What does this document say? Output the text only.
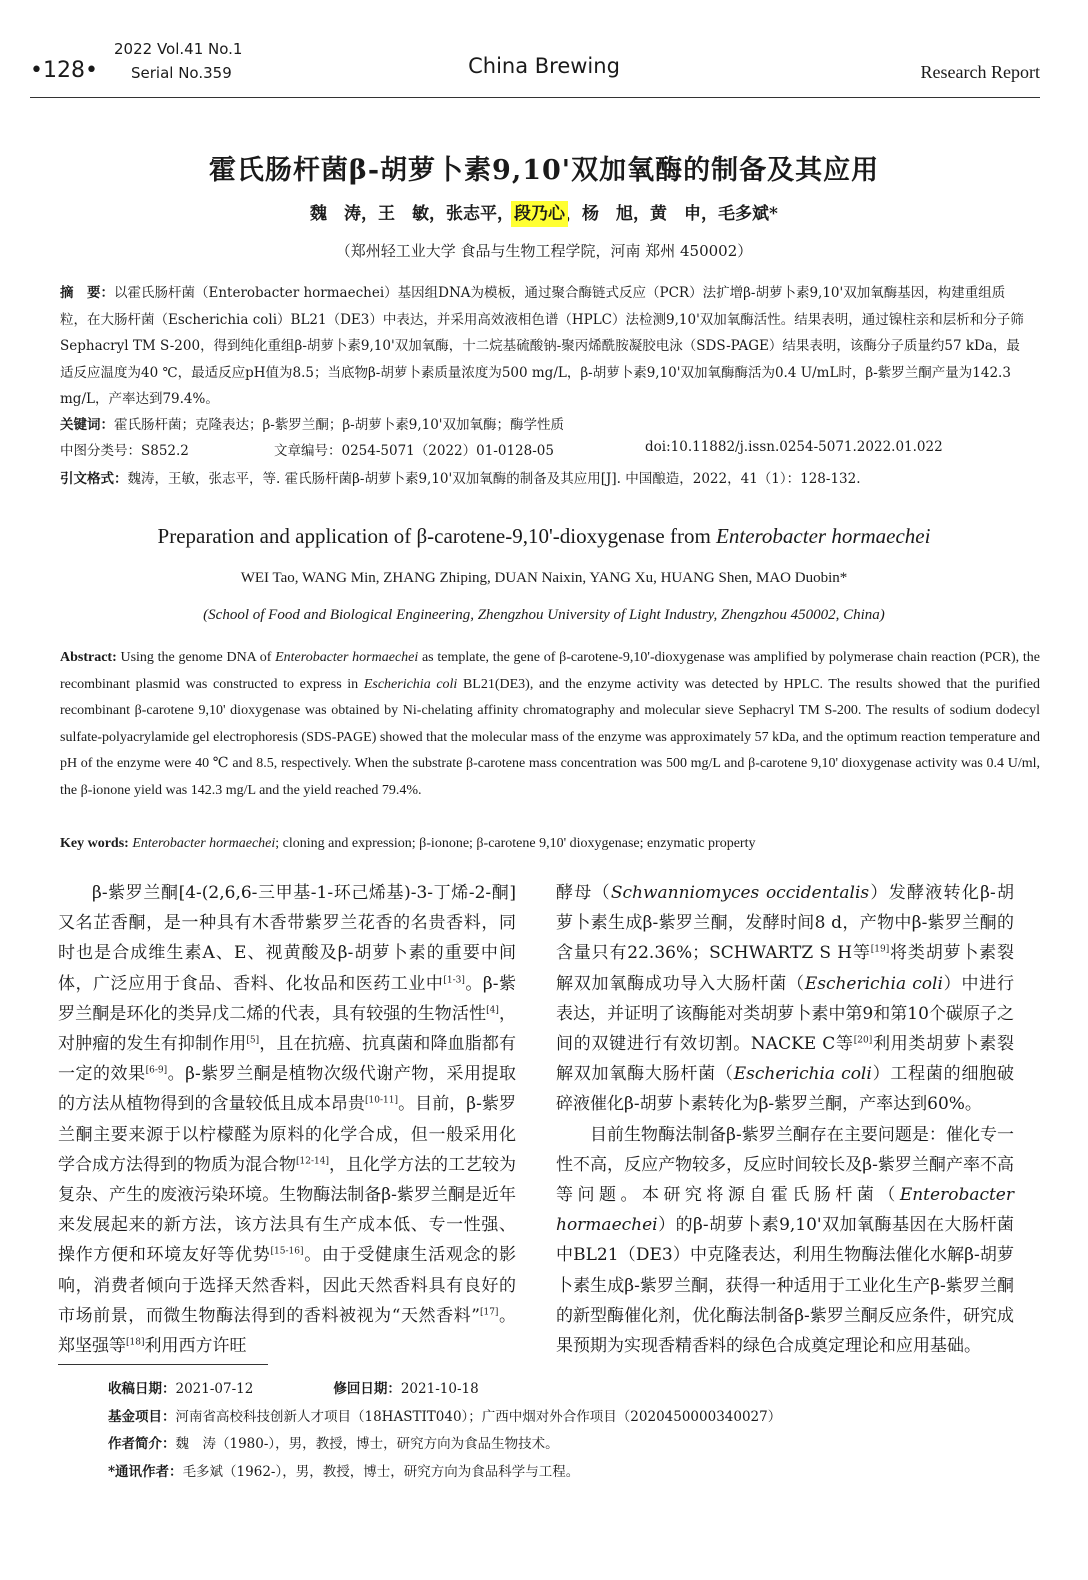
•128•
2022 Vol.41 No.1
Serial No.359	China Brewing	Research Report
霍氏肠杆菌β-胡萝卜素9,10'双加氧酶的制备及其应用
魏　涛，王　敏，张志平，段乃心，杨　旭，黄　申，毛多斌*
（郑州轻工业大学 食品与生物工程学院，河南 郑州 450002）
摘　要：以霍氏肠杆菌（Enterobacter hormaechei）基因组DNA为模板，通过聚合酶链式反应（PCR）法扩增β-胡萝卜素9,10'双加氧酶基因，构建重组质粒，在大肠杆菌（Escherichia coli）BL21（DE3）中表达，并采用高效液相色谱（HPLC）法检测9,10'双加氧酶活性。结果表明，通过镍柱亲和层析和分子筛Sephacryl TM S-200，得到纯化重组β-胡萝卜素9,10'双加氧酶，十二烷基硫酸钠-聚丙烯酰胺凝胶电泳（SDS-PAGE）结果表明，该酶分子质量约57 kDa，最适反应温度为40 ℃，最适反应pH值为8.5；当底物β-胡萝卜素质量浓度为500 mg/L，β-胡萝卜素9,10'双加氧酶酶活为0.4 U/mL时，β-紫罗兰酮产量为142.3 mg/L，产率达到79.4%。
关键词：霍氏肠杆菌；克隆表达；β-紫罗兰酮；β-胡萝卜素9,10'双加氧酶；酶学性质
中图分类号：S852.2	文章编号：0254-5071（2022）01-0128-05	doi:10.11882/j.issn.0254-5071.2022.01.022
引文格式：魏涛，王敏，张志平，等. 霍氏肠杆菌β-胡萝卜素9,10'双加氧酶的制备及其应用[J]. 中国酿造，2022，41（1）：128-132.
Preparation and application of β-carotene-9,10'-dioxygenase from Enterobacter hormaechei
WEI Tao, WANG Min, ZHANG Zhiping, DUAN Naixin, YANG Xu, HUANG Shen, MAO Duobin*
(School of Food and Biological Engineering, Zhengzhou University of Light Industry, Zhengzhou 450002, China)
Abstract: Using the genome DNA of Enterobacter hormaechei as template, the gene of β-carotene-9,10'-dioxygenase was amplified by polymerase chain reaction (PCR), the recombinant plasmid was constructed to express in Escherichia coli BL21(DE3), and the enzyme activity was detected by HPLC. The results showed that the purified recombinant β-carotene 9,10' dioxygenase was obtained by Ni-chelating affinity chromatography and molecular sieve Sephacryl TM S-200. The results of sodium dodecyl sulfate-polyacrylamide gel electrophoresis (SDS-PAGE) showed that the molecular mass of the enzyme was approximately 57 kDa, and the optimum reaction temperature and pH of the enzyme were 40 ℃ and 8.5, respectively. When the substrate β-carotene mass concentration was 500 mg/L and β-carotene 9,10' dioxygenase activity was 0.4 U/ml, the β-ionone yield was 142.3 mg/L and the yield reached 79.4%.
Key words: Enterobacter hormaechei; cloning and expression; β-ionone; β-carotene 9,10' dioxygenase; enzymatic property

β-紫罗兰酮[4-(2,6,6-三甲基-1-环己烯基)-3-丁烯-2-酮]又名芷香酮，是一种具有木香带紫罗兰花香的名贵香料，同时也是合成维生素A、E、视黄酸及β-胡萝卜素的重要中间体，广泛应用于食品、香料、化妆品和医药工业中[1-3]。β-紫罗兰酮是环化的类异戊二烯的代表，具有较强的生物活性[4]，对肿瘤的发生有抑制作用[5]，且在抗癌、抗真菌和降血脂都有一定的效果[6-9]。β-紫罗兰酮是植物次级代谢产物，采用提取的方法从植物得到的含量较低且成本昂贵[10-11]。目前，β-紫罗兰酮主要来源于以柠檬醛为原料的化学合成，但一般采用化学合成方法得到的物质为混合物[12-14]，且化学方法的工艺较为复杂、产生的废液污染环境。生物酶法制备β-紫罗兰酮是近年来发展起来的新方法，该方法具有生产成本低、专一性强、操作方便和环境友好等优势[15-16]。由于受健康生活观念的影响，消费者倾向于选择天然香料，因此天然香料具有良好的市场前景，而微生物酶法得到的香料被视为“天然香料”[17]。郑坚强等[18]利用西方许旺

酵母（Schwanniomyces occidentalis）发酵液转化β-胡萝卜素生成β-紫罗兰酮，发酵时间8 d，产物中β-紫罗兰酮的含量只有22.36%；SCHWARTZ S H等[19]将类胡萝卜素裂解双加氧酶成功导入大肠杆菌（Escherichia coli）中进行表达，并证明了该酶能对类胡萝卜素中第9和第10个碳原子之间的双键进行有效切割。NACKE C等[20]利用类胡萝卜素裂解双加氧酶大肠杆菌（Escherichia coli）工程菌的细胞破碎液催化β-胡萝卜素转化为β-紫罗兰酮，产率达到60%。

目前生物酶法制备β-紫罗兰酮存在主要问题是：催化专一性不高，反应产物较多，反应时间较长及β-紫罗兰酮产率不高等问题。本研究将源自霍氏肠杆菌（Enterobacter hormaechei）的β-胡萝卜素9,10'双加氧酶基因在大肠杆菌中BL21（DE3）中克隆表达，利用生物酶法催化水解β-胡萝卜素生成β-紫罗兰酮，获得一种适用于工业化生产β-紫罗兰酮的新型酶催化剂，优化酶法制备β-紫罗兰酮反应条件，研究成果预期为实现香精香料的绿色合成奠定理论和应用基础。

收稿日期：2021-07-12	修回日期：2021-10-18
基金项目：河南省高校科技创新人才项目（18HASTIT040）；广西中烟对外合作项目（2020450000340027）
作者简介：魏　涛（1980-），男，教授，博士，研究方向为食品生物技术。
*通讯作者：毛多斌（1962-），男，教授，博士，研究方向为食品科学与工程。
